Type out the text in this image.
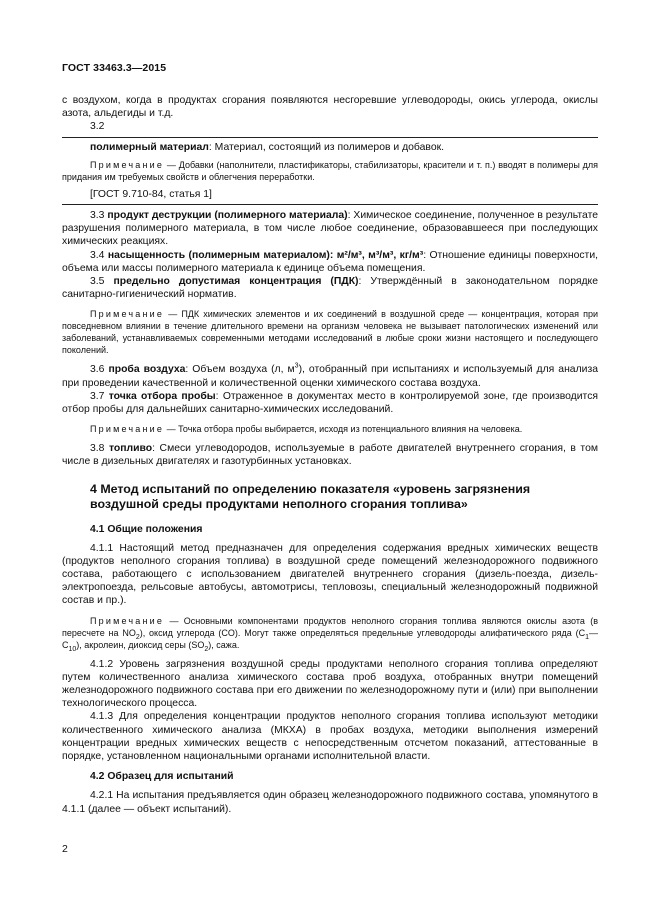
ГОСТ 33463.3—2015

с воздухом, когда в продуктах сгорания появляются несгоревшие углеводороды, окись углерода, окислы азота, альдегиды и т.д.

3.2

полимерный материал: Материал, состоящий из полимеров и добавок.

Примечание — Добавки (наполнители, пластификаторы, стабилизаторы, красители и т. п.) вводят в полимеры для придания им требуемых свойств и облегчения переработки.

[ГОСТ 9.710-84, статья 1]

3.3 продукт деструкции (полимерного материала): Химическое соединение, полученное в результате разрушения полимерного материала, в том числе любое соединение, образовавшееся при последующих химических реакциях.

3.4 насыщенность (полимерным материалом): м²/м³, м³/м³, кг/м³: Отношение единицы поверхности, объема или массы полимерного материала к единице объема помещения.

3.5 предельно допустимая концентрация (ПДК): Утверждённый в законодательном порядке санитарно-гигиенический норматив.

Примечание — ПДК химических элементов и их соединений в воздушной среде — концентрация, которая при повседневном влиянии в течение длительного времени на организм человека не вызывает патологических изменений или заболеваний, устанавливаемых современными методами исследований в любые сроки жизни настоящего и последующего поколений.

3.6 проба воздуха: Объем воздуха (л, $м^3$), отобранный при испытаниях и используемый для анализа при проведении качественной и количественной оценки химического состава воздуха.

3.7 точка отбора пробы: Отраженное в документах место в контролируемой зоне, где производится отбор пробы для дальнейших санитарно-химических исследований.

Примечание — Точка отбора пробы выбирается, исходя из потенциального влияния на человека.

3.8 топливо: Смеси углеводородов, используемые в работе двигателей внутреннего сгорания, в том числе в дизельных двигателях и газотурбинных установках.

4 Метод испытаний по определению показателя «уровень загрязнения воздушной среды продуктами неполного сгорания топлива»
4.1 Общие положения

4.1.1 Настоящий метод предназначен для определения содержания вредных химических веществ (продуктов неполного сгорания топлива) в воздушной среде помещений железнодорожного подвижного состава, работающего с использованием двигателей внутреннего сгорания (дизель-поезда, дизель-электропоезда, рельсовые автобусы, автомотрисы, тепловозы, специальный железнодорожный подвижной состав и пр.).

Примечание — Основными компонентами продуктов неполного сгорания топлива являются окислы азота (в пересчете на $NO_2$), оксид углерода (CO). Могут также определяться предельные углеводороды алифатического ряда $(C_1—C_{10})$, акролеин, диоксид серы $(SO_2)$, сажа.

4.1.2 Уровень загрязнения воздушной среды продуктами неполного сгорания топлива определяют путем количественного анализа химического состава проб воздуха, отобранных внутри помещений железнодорожного подвижного состава при его движении по железнодорожному пути и (или) при выполнении технологического процесса.

4.1.3 Для определения концентрации продуктов неполного сгорания топлива используют методики количественного химического анализа (МКХА) в пробах воздуха, методики выполнения измерений концентрации вредных химических веществ с непосредственным отсчетом показаний, аттестованные в порядке, установленном национальными органами исполнительной власти.

4.2 Образец для испытаний

4.2.1 На испытания предъявляется один образец железнодорожного подвижного состава, упомянутого в 4.1.1 (далее — объект испытаний).

2
